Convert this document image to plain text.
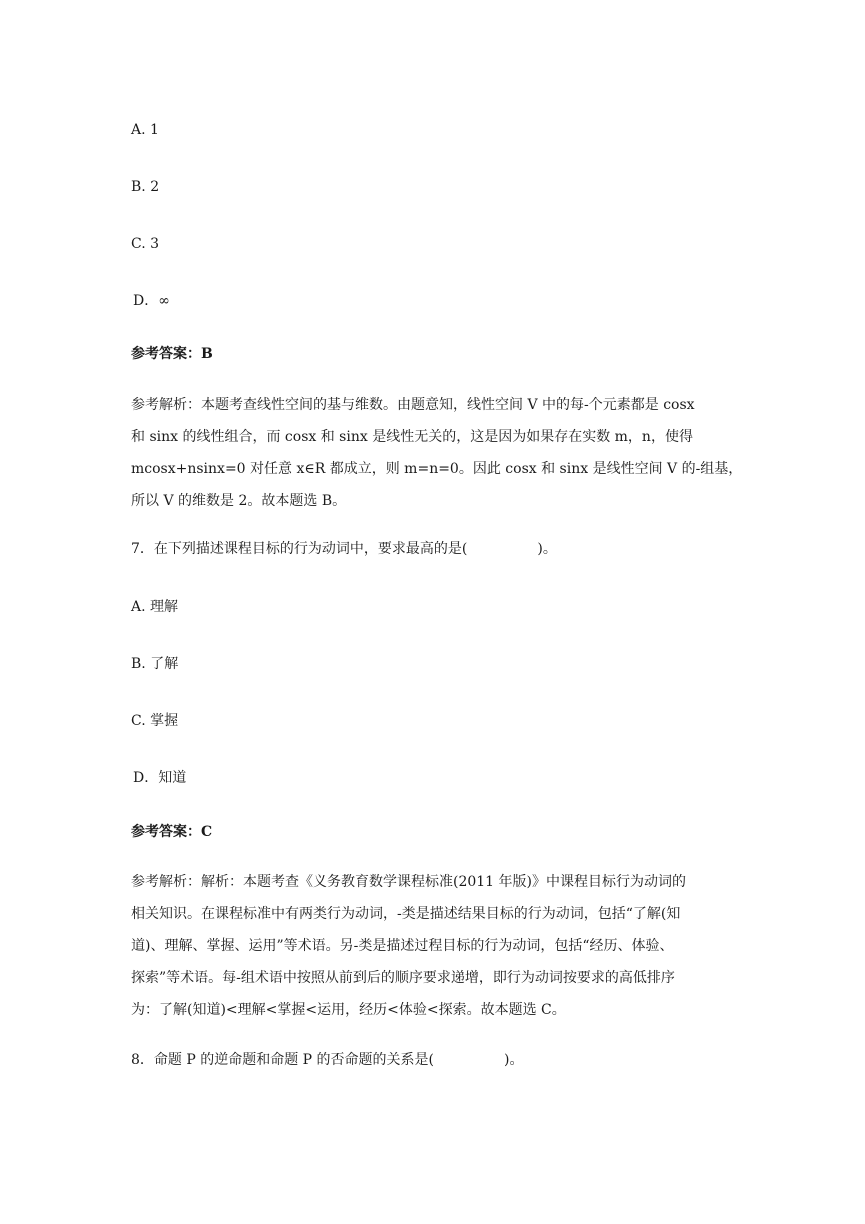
A. 1
B. 2
C. 3
D．∞
参考答案：B
参考解析：本题考查线性空间的基与维数。由题意知，线性空间 V 中的每-个元素都是 cosx
和 sinx 的线性组合，而 cosx 和 sinx 是线性无关的，这是因为如果存在实数 m，n，使得
mcosx+nsinx=0 对任意 x∈R 都成立，则 m=n=0。因此 cosx 和 sinx 是线性空间 V 的-组基，
所以 V 的维数是 2。故本题选 B。
7．在下列描述课程目标的行为动词中，要求最高的是(　　　　　)。
A. 理解
B. 了解
C. 掌握
D．知道
参考答案：C
参考解析：解析：本题考查《义务教育数学课程标准(2011 年版)》中课程目标行为动词的
相关知识。在课程标准中有两类行为动词，-类是描述结果目标的行为动词，包括“了解(知
道)、理解、掌握、运用”等术语。另-类是描述过程目标的行为动词，包括“经历、体验、
探索”等术语。每-组术语中按照从前到后的顺序要求递增，即行为动词按要求的高低排序
为：了解(知道)<理解<掌握<运用，经历<体验<探索。故本题选 C。
8．命题 P 的逆命题和命题 P 的否命题的关系是(　　　　　)。
